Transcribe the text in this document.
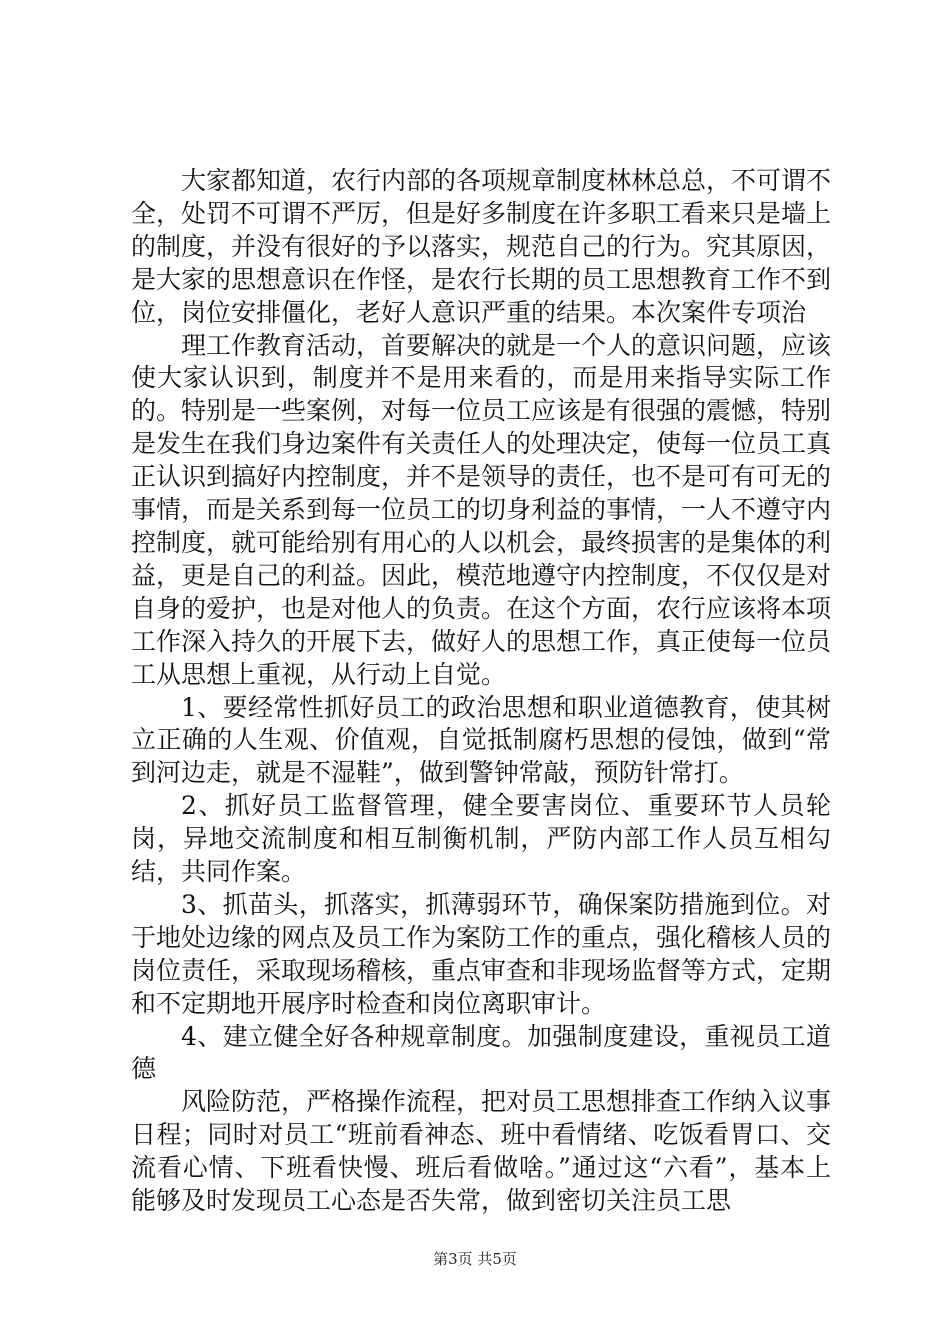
大家都知道，农行内部的各项规章制度林林总总，不可谓不全，处罚不可谓不严厉，但是好多制度在许多职工看来只是墙上的制度，并没有很好的予以落实，规范自己的行为。究其原因，是大家的思想意识在作怪，是农行长期的员工思想教育工作不到位，岗位安排僵化，老好人意识严重的结果。本次案件专项治

理工作教育活动，首要解决的就是一个人的意识问题，应该使大家认识到，制度并不是用来看的，而是用来指导实际工作的。特别是一些案例，对每一位员工应该是有很强的震憾，特别是发生在我们身边案件有关责任人的处理决定，使每一位员工真正认识到搞好内控制度，并不是领导的责任，也不是可有可无的事情，而是关系到每一位员工的切身利益的事情，一人不遵守内控制度，就可能给别有用心的人以机会，最终损害的是集体的利益，更是自己的利益。因此，模范地遵守内控制度，不仅仅是对自身的爱护，也是对他人的负责。在这个方面，农行应该将本项工作深入持久的开展下去，做好人的思想工作，真正使每一位员工从思想上重视，从行动上自觉。

1、要经常性抓好员工的政治思想和职业道德教育，使其树立正确的人生观、价值观，自觉抵制腐朽思想的侵蚀，做到“常到河边走，就是不湿鞋”，做到警钟常敲，预防针常打。

2、抓好员工监督管理，健全要害岗位、重要环节人员轮岗，异地交流制度和相互制衡机制，严防内部工作人员互相勾结，共同作案。

3、抓苗头，抓落实，抓薄弱环节，确保案防措施到位。对于地处边缘的网点及员工作为案防工作的重点，强化稽核人员的岗位责任，采取现场稽核，重点审查和非现场监督等方式，定期和不定期地开展序时检查和岗位离职审计。

4、建立健全好各种规章制度。加强制度建设，重视员工道德

风险防范，严格操作流程，把对员工思想排查工作纳入议事日程；同时对员工“班前看神态、班中看情绪、吃饭看胃口、交流看心情、下班看快慢、班后看做啥。”通过这“六看”，基本上能够及时发现员工心态是否失常，做到密切关注员工思

第3页 共5页
